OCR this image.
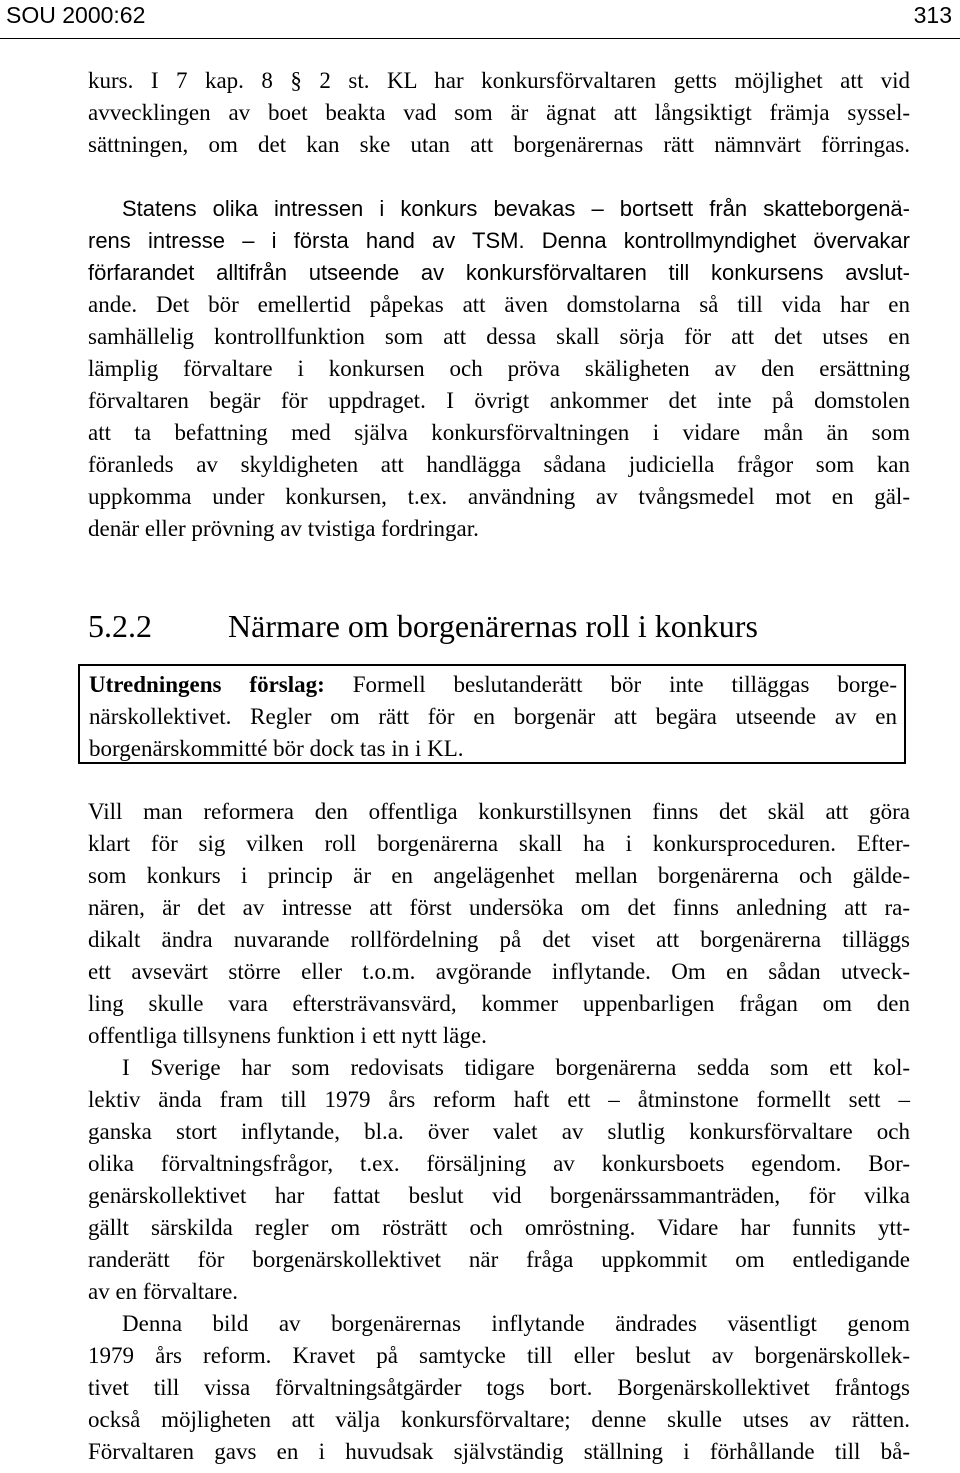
SOU 2000:62	313
kurs. I 7 kap. 8 § 2 st. KL har konkursförvaltaren getts möjlighet att vid
avvecklingen av boet beakta vad som är ägnat att långsiktigt främja syssel-
sättningen, om det kan ske utan att borgenärernas rätt nämnvärt förringas.
Statens olika intressen i konkurs bevakas – bortsett från skatteborgenä-
rens intresse – i första hand av TSM. Denna kontrollmyndighet övervakar
förfarandet alltifrån utseende av konkursförvaltaren till konkursens avslut-
ande. Det bör emellertid påpekas att även domstolarna så till vida har en
samhällelig kontrollfunktion som att dessa skall sörja för att det utses en
lämplig förvaltare i konkursen och pröva skäligheten av den ersättning
förvaltaren begär för uppdraget. I övrigt ankommer det inte på domstolen
att ta befattning med själva konkursförvaltningen i vidare mån än som
föranleds av skyldigheten att handlägga sådana judiciella frågor som kan
uppkomma under konkursen, t.ex. användning av tvångsmedel mot en gäl-
denär eller prövning av tvistiga fordringar.
5.2.2 Närmare om borgenärernas roll i konkurs
Utredningens förslag: Formell beslutanderätt bör inte tilläggas borge-
närskollektivet. Regler om rätt för en borgenär att begära utseende av en
borgenärskommitté bör dock tas in i KL.
Vill man reformera den offentliga konkurstillsynen finns det skäl att göra
klart för sig vilken roll borgenärerna skall ha i konkursproceduren. Efter-
som konkurs i princip är en angelägenhet mellan borgenärerna och gälde-
nären, är det av intresse att först undersöka om det finns anledning att ra-
dikalt ändra nuvarande rollfördelning på det viset att borgenärerna tilläggs
ett avsevärt större eller t.o.m. avgörande inflytande. Om en sådan utveck-
ling skulle vara eftersträvansvärd, kommer uppenbarligen frågan om den
offentliga tillsynens funktion i ett nytt läge.
I Sverige har som redovisats tidigare borgenärerna sedda som ett kol-
lektiv ända fram till 1979 års reform haft ett – åtminstone formellt sett –
ganska stort inflytande, bl.a. över valet av slutlig konkursförvaltare och
olika förvaltningsfrågor, t.ex. försäljning av konkursboets egendom. Bor-
genärskollektivet har fattat beslut vid borgenärssammanträden, för vilka
gällt särskilda regler om rösträtt och omröstning. Vidare har funnits ytt-
randerätt för borgenärskollektivet när fråga uppkommit om entledigande
av en förvaltare.
Denna bild av borgenärernas inflytande ändrades väsentligt genom
1979 års reform. Kravet på samtycke till eller beslut av borgenärskollek-
tivet till vissa förvaltningsåtgärder togs bort. Borgenärskollektivet fråntogs
också möjligheten att välja konkursförvaltare; denne skulle utses av rätten.
Förvaltaren gavs en i huvudsak självständig ställning i förhållande till bå-
